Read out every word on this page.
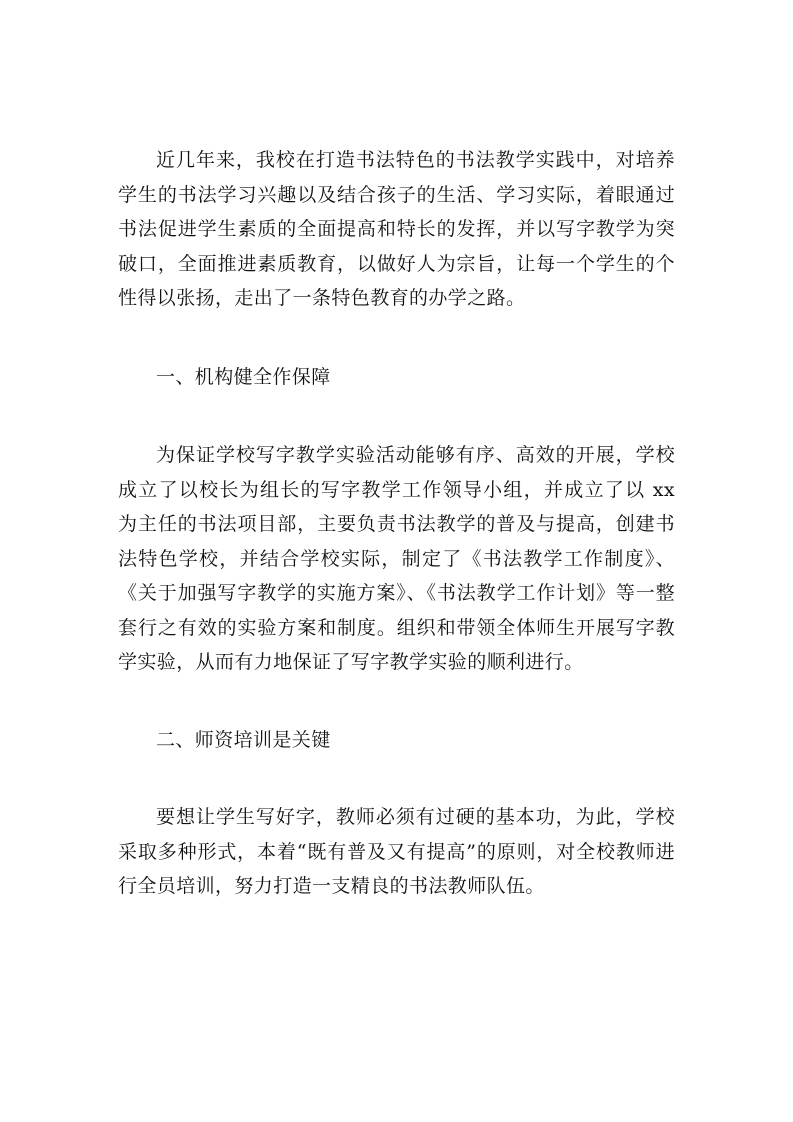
近几年来，我校在打造书法特色的书法教学实践中，对培养学生的书法学习兴趣以及结合孩子的生活、学习实际，着眼通过书法促进学生素质的全面提高和特长的发挥，并以写字教学为突破口，全面推进素质教育，以做好人为宗旨，让每一个学生的个性得以张扬，走出了一条特色教育的办学之路。

一、机构健全作保障

为保证学校写字教学实验活动能够有序、高效的开展，学校成立了以校长为组长的写字教学工作领导小组，并成立了以 xx 为主任的书法项目部，主要负责书法教学的普及与提高，创建书法特色学校，并结合学校实际，制定了《书法教学工作制度》、《关于加强写字教学的实施方案》、《书法教学工作计划》等一整套行之有效的实验方案和制度。组织和带领全体师生开展写字教学实验，从而有力地保证了写字教学实验的顺利进行。

二、师资培训是关键

要想让学生写好字，教师必须有过硬的基本功，为此，学校采取多种形式，本着“既有普及又有提高”的原则，对全校教师进行全员培训，努力打造一支精良的书法教师队伍。
